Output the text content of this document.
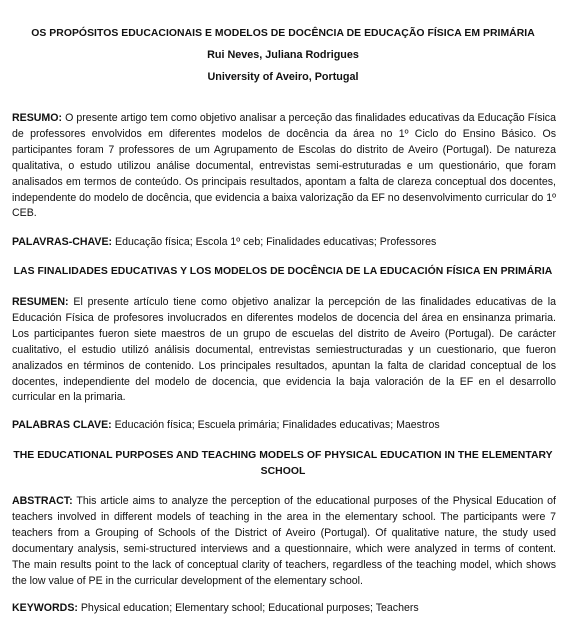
OS PROPÓSITOS EDUCACIONAIS E MODELOS DE DOCÊNCIA DE EDUCAÇÃO FÍSICA EM PRIMÁRIA
Rui Neves, Juliana Rodrigues
University of Aveiro, Portugal
RESUMO: O presente artigo tem como objetivo analisar a perceção das finalidades educativas da Educação Física de professores envolvidos em diferentes modelos de docência da área no 1º Ciclo do Ensino Básico. Os participantes foram 7 professores de um Agrupamento de Escolas do distrito de Aveiro (Portugal). De natureza qualitativa, o estudo utilizou análise documental, entrevistas semi-estruturadas e um questionário, que foram analisados em termos de conteúdo. Os principais resultados, apontam a falta de clareza conceptual dos docentes, independente do modelo de docência, que evidencia a baixa valorização da EF no desenvolvimento curricular do 1º CEB.
PALAVRAS-CHAVE: Educação física; Escola 1º ceb; Finalidades educativas; Professores
LAS FINALIDADES EDUCATIVAS Y LOS MODELOS DE DOCÊNCIA DE LA EDUCACIÓN FÍSICA EN PRIMÁRIA
RESUMEN: El presente artículo tiene como objetivo analizar la percepción de las finalidades educativas de la Educación Física de profesores involucrados en diferentes modelos de docencia del área en ensinanza primaria. Los participantes fueron siete maestros de un grupo de escuelas del distrito de Aveiro (Portugal). De carácter cualitativo, el estudio utilizó análisis documental, entrevistas semiestructuradas y un cuestionario, que fueron analizados en términos de contenido. Los principales resultados, apuntan la falta de claridad conceptual de los docentes, independiente del modelo de docencia, que evidencia la baja valoración de la EF en el desarrollo curricular en la primaria.
PALABRAS CLAVE: Educación física; Escuela primária; Finalidades educativas; Maestros
THE EDUCATIONAL PURPOSES AND TEACHING MODELS OF PHYSICAL EDUCATION IN THE ELEMENTARY
SCHOOL
ABSTRACT: This article aims to analyze the perception of the educational purposes of the Physical Education of teachers involved in different models of teaching in the area in the elementary school. The participants were 7 teachers from a Grouping of Schools of the District of Aveiro (Portugal). Of qualitative nature, the study used documentary analysis, semi-structured interviews and a questionnaire, which were analyzed in terms of content. The main results point to the lack of conceptual clarity of teachers, regardless of the teaching model, which shows the low value of PE in the curricular development of the elementary school.
KEYWORDS: Physical education; Elementary school; Educational purposes; Teachers
